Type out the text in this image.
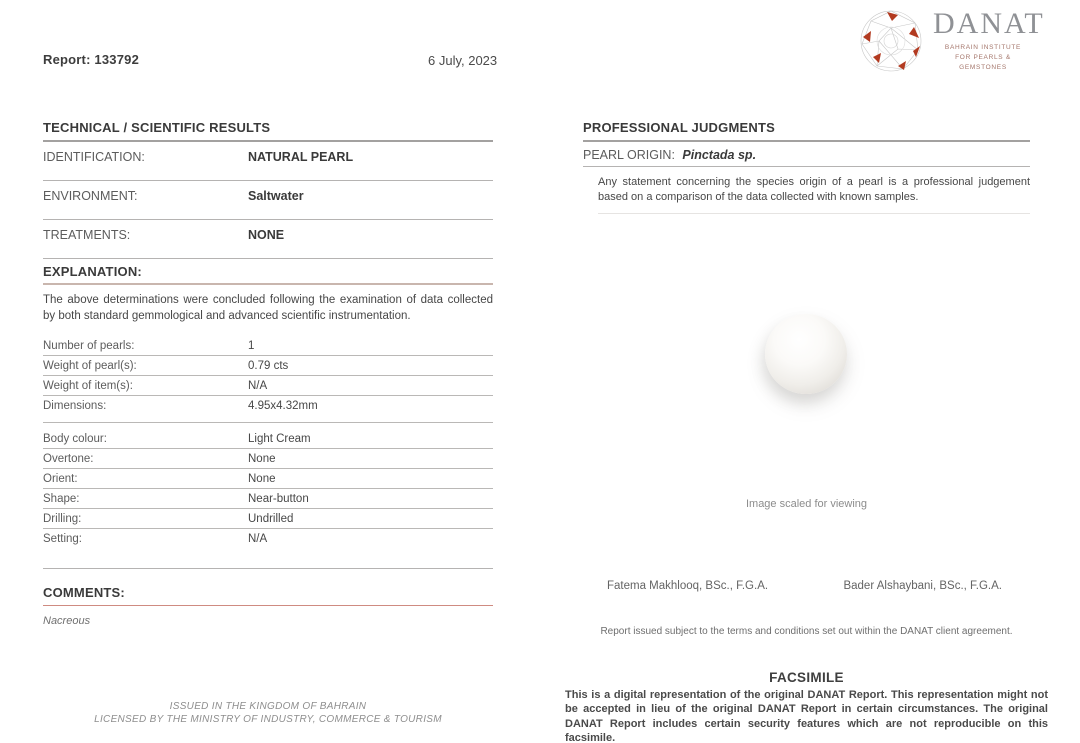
Report: 133792	6 July, 2023
DANAT
BAHRAIN INSTITUTE
FOR PEARLS & GEMSTONES
TECHNICAL / SCIENTIFIC RESULTS
IDENTIFICATION:	NATURAL PEARL
ENVIRONMENT:	Saltwater
TREATMENTS:	NONE
EXPLANATION:

The above determinations were concluded following the examination of data collected by both standard gemmological and advanced scientific instrumentation.

Number of pearls:	1
Weight of pearl(s):	0.79 cts
Weight of item(s):	N/A
Dimensions:	4.95x4.32mm
Body colour:	Light Cream
Overtone:	None
Orient:	None
Shape:	Near-button
Drilling:	Undrilled
Setting:	N/A
COMMENTS:

Nacreous

ISSUED IN THE KINGDOM OF BAHRAIN
LICENSED BY THE MINISTRY OF INDUSTRY, COMMERCE & TOURISM
PROFESSIONAL JUDGMENTS
PEARL ORIGIN: Pinctada sp.

Any statement concerning the species origin of a pearl is a professional judgement based on a comparison of the data collected with known samples.

Image scaled for viewing
Fatema Makhlooq, BSc., F.G.A.	Bader Alshaybani, BSc., F.G.A.
Report issued subject to the terms and conditions set out within the DANAT client agreement.
FACSIMILE

This is a digital representation of the original DANAT Report. This representation might not be accepted in lieu of the original DANAT Report in certain circumstances. The original DANAT Report includes certain security features which are not reproducible on this facsimile.
